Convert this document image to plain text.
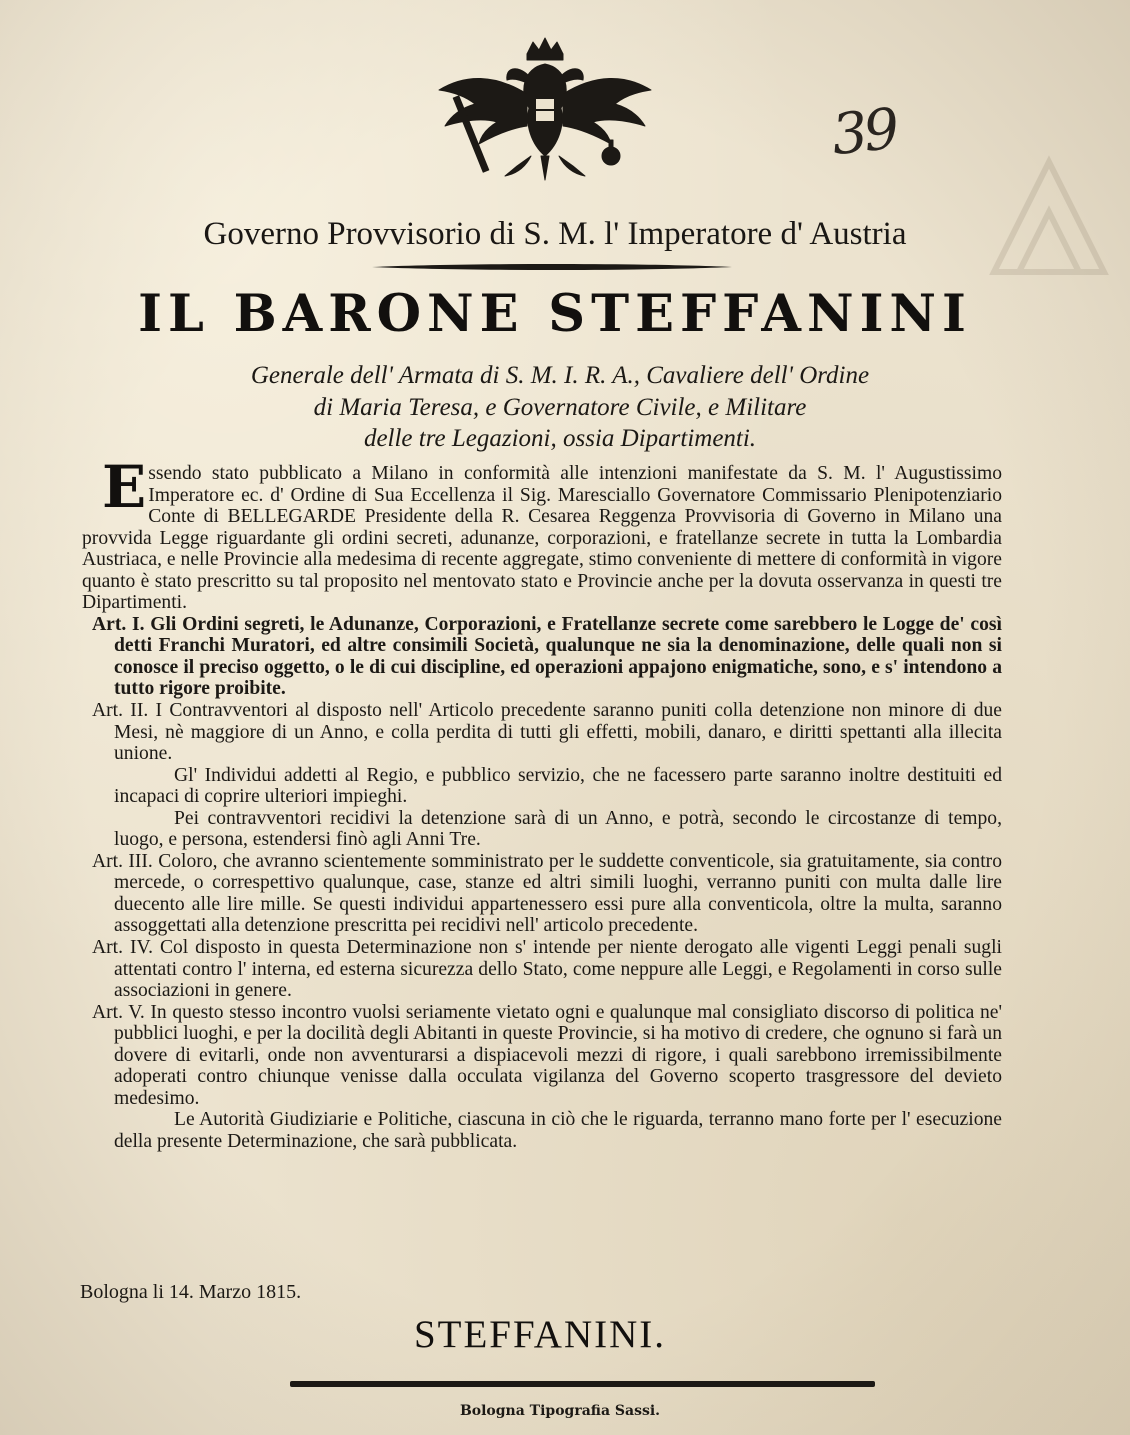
39
Governo Provvisorio di S. M. l' Imperatore d' Austria
IL BARONE STEFFANINI
Generale dell' Armata di S. M. I. R. A., Cavaliere dell' Ordine
di Maria Teresa, e Governatore Civile, e Militare
delle tre Legazioni, ossia Dipartimenti.

Essendo stato pubblicato a Milano in conformità alle intenzioni manifestate da S. M. l' Augustissimo Imperatore ec. d' Ordine di Sua Eccellenza il Sig. Maresciallo Governatore Commissario Plenipotenziario Conte di BELLEGARDE Presidente della R. Cesarea Reggenza Provvisoria di Governo in Milano una provvida Legge riguardante gli ordini secreti, adunanze, corporazioni, e fratellanze secrete in tutta la Lombardia Austriaca, e nelle Provincie alla medesima di recente aggregate, stimo conveniente di mettere di conformità in vigore quanto è stato prescritto su tal proposito nel mentovato stato e Provincie anche per la dovuta osservanza in questi tre Dipartimenti.

Art. I. Gli Ordini segreti, le Adunanze, Corporazioni, e Fratellanze secrete come sarebbero le Logge de' così detti Franchi Muratori, ed altre consimili Società, qualunque ne sia la denominazione, delle quali non si conosce il preciso oggetto, o le di cui discipline, ed operazioni appajono enigmatiche, sono, e s' intendono a tutto rigore proibite.

Art. II. I Contravventori al disposto nell' Articolo precedente saranno puniti colla detenzione non minore di due Mesi, nè maggiore di un Anno, e colla perdita di tutti gli effetti, mobili, danaro, e diritti spettanti alla illecita unione.

Gl' Individui addetti al Regio, e pubblico servizio, che ne facessero parte saranno inoltre destituiti ed incapaci di coprire ulteriori impieghi.

Pei contravventori recidivi la detenzione sarà di un Anno, e potrà, secondo le circostanze di tempo, luogo, e persona, estendersi finò agli Anni Tre.

Art. III. Coloro, che avranno scientemente somministrato per le suddette conventicole, sia gratuitamente, sia contro mercede, o correspettivo qualunque, case, stanze ed altri simili luoghi, verranno puniti con multa dalle lire duecento alle lire mille. Se questi individui appartenessero essi pure alla conventicola, oltre la multa, saranno assoggettati alla detenzione prescritta pei recidivi nell' articolo precedente.

Art. IV. Col disposto in questa Determinazione non s' intende per niente derogato alle vigenti Leggi penali sugli attentati contro l' interna, ed esterna sicurezza dello Stato, come neppure alle Leggi, e Regolamenti in corso sulle associazioni in genere.

Art. V. In questo stesso incontro vuolsi seriamente vietato ogni e qualunque mal consigliato discorso di politica ne' pubblici luoghi, e per la docilità degli Abitanti in queste Provincie, si ha motivo di credere, che ognuno si farà un dovere di evitarli, onde non avventurarsi a dispiacevoli mezzi di rigore, i quali sarebbono irremissibilmente adoperati contro chiunque venisse dalla occulata vigilanza del Governo scoperto trasgressore del devieto medesimo.

Le Autorità Giudiziarie e Politiche, ciascuna in ciò che le riguarda, terranno mano forte per l' esecuzione della presente Determinazione, che sarà pubblicata.

Bologna li 14. Marzo 1815.
STEFFANINI.
Bologna Tipografia Sassi.
